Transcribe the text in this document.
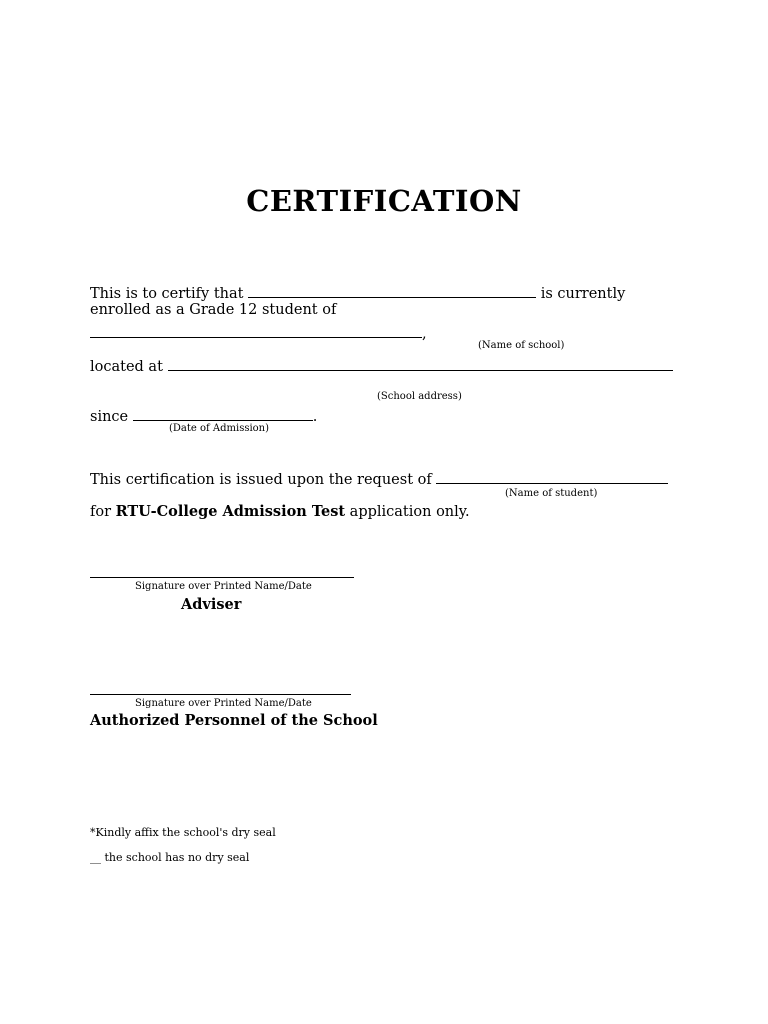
CERTIFICATION
This is to certify that	is currently
enrolled as a Grade 12 student of
,
(Name of school)
located at
(School address)
since	.
(Date of Admission)
This certification is issued upon the request of
(Name of student)
for RTU-College Admission Test application only.
Signature over Printed Name/Date
Adviser
Signature over Printed Name/Date
Authorized Personnel of the School
*Kindly affix the school's dry seal
__ the school has no dry seal
